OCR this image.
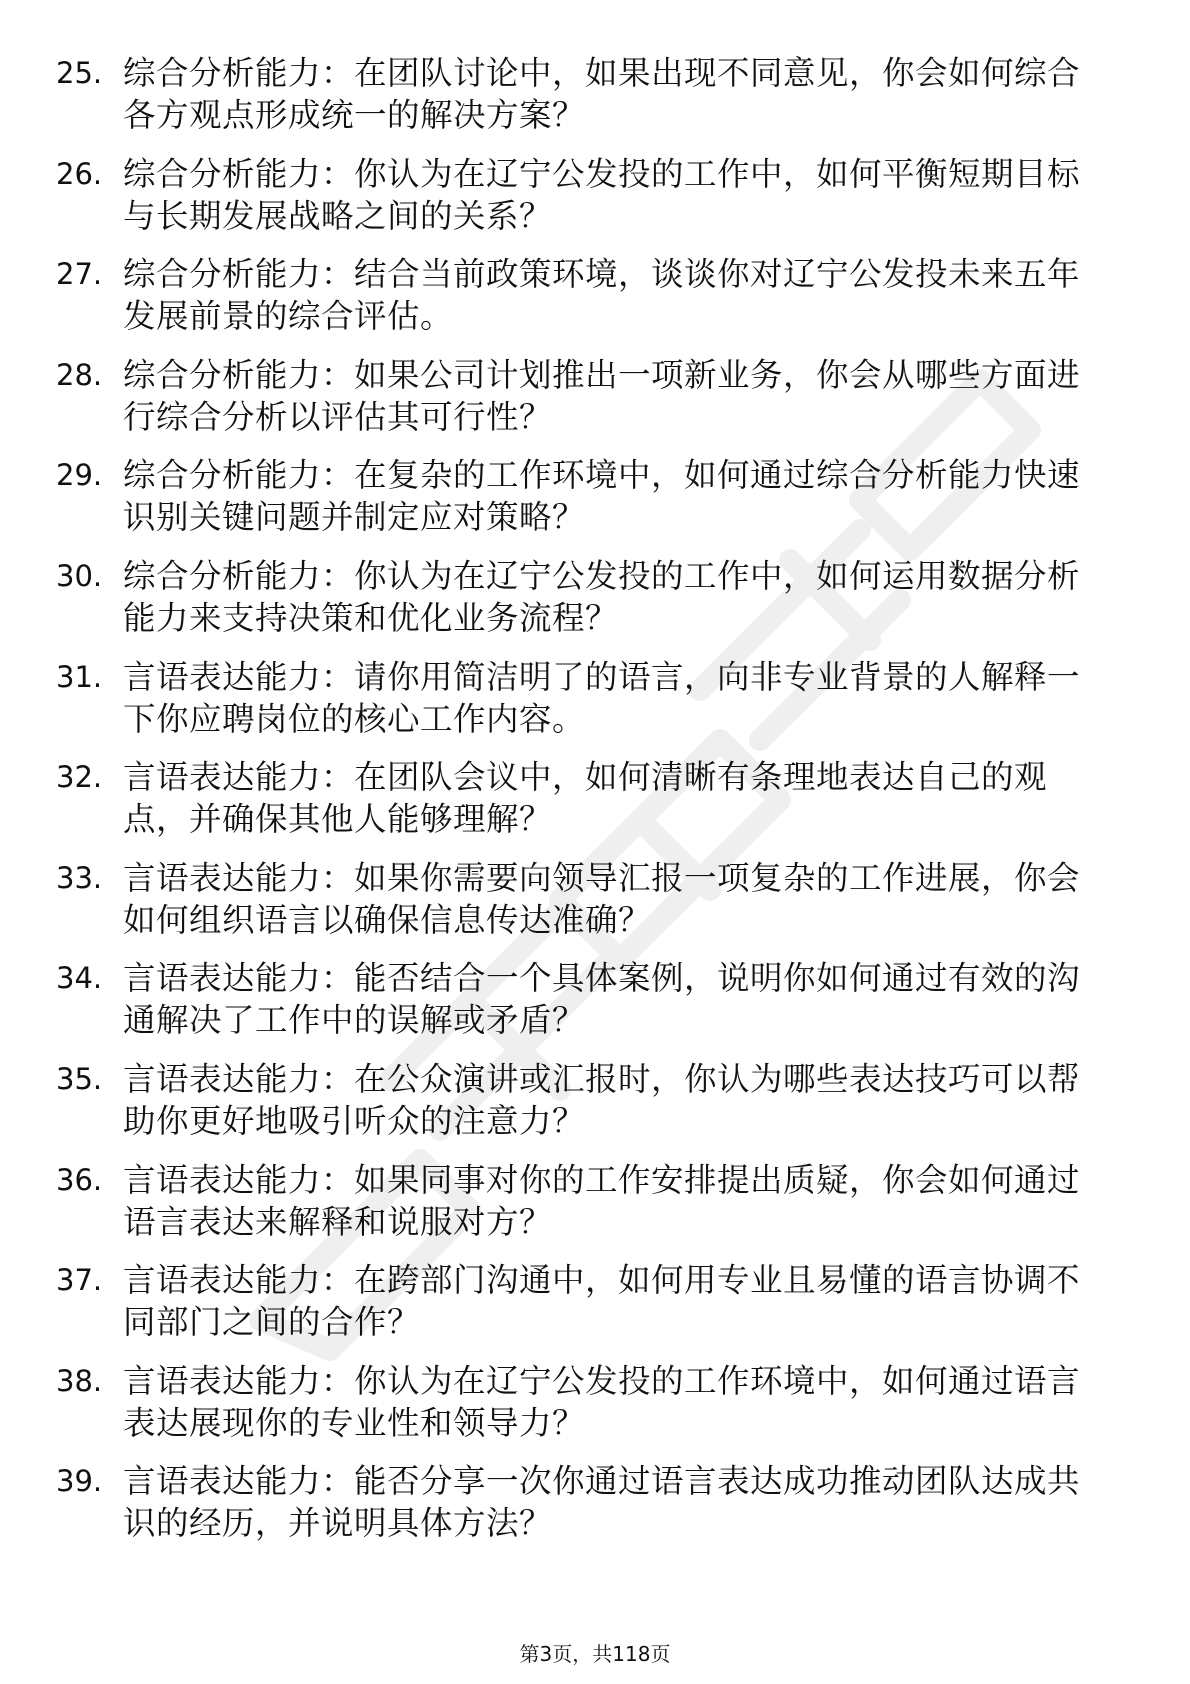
25. 综合分析能力：在团队讨论中，如果出现不同意见，你会如何综合各方观点形成统一的解决方案？
26. 综合分析能力：你认为在辽宁公发投的工作中，如何平衡短期目标与长期发展战略之间的关系？
27. 综合分析能力：结合当前政策环境，谈谈你对辽宁公发投未来五年发展前景的综合评估。
28. 综合分析能力：如果公司计划推出一项新业务，你会从哪些方面进行综合分析以评估其可行性？
29. 综合分析能力：在复杂的工作环境中，如何通过综合分析能力快速识别关键问题并制定应对策略？
30. 综合分析能力：你认为在辽宁公发投的工作中，如何运用数据分析能力来支持决策和优化业务流程？
31. 言语表达能力：请你用简洁明了的语言，向非专业背景的人解释一下你应聘岗位的核心工作内容。
32. 言语表达能力：在团队会议中，如何清晰有条理地表达自己的观点，并确保其他人能够理解？
33. 言语表达能力：如果你需要向领导汇报一项复杂的工作进展，你会如何组织语言以确保信息传达准确？
34. 言语表达能力：能否结合一个具体案例，说明你如何通过有效的沟通解决了工作中的误解或矛盾？
35. 言语表达能力：在公众演讲或汇报时，你认为哪些表达技巧可以帮助你更好地吸引听众的注意力？
36. 言语表达能力：如果同事对你的工作安排提出质疑，你会如何通过语言表达来解释和说服对方？
37. 言语表达能力：在跨部门沟通中，如何用专业且易懂的语言协调不同部门之间的合作？
38. 言语表达能力：你认为在辽宁公发投的工作环境中，如何通过语言表达展现你的专业性和领导力？
39. 言语表达能力：能否分享一次你通过语言表达成功推动团队达成共识的经历，并说明具体方法？
第3页，共118页
